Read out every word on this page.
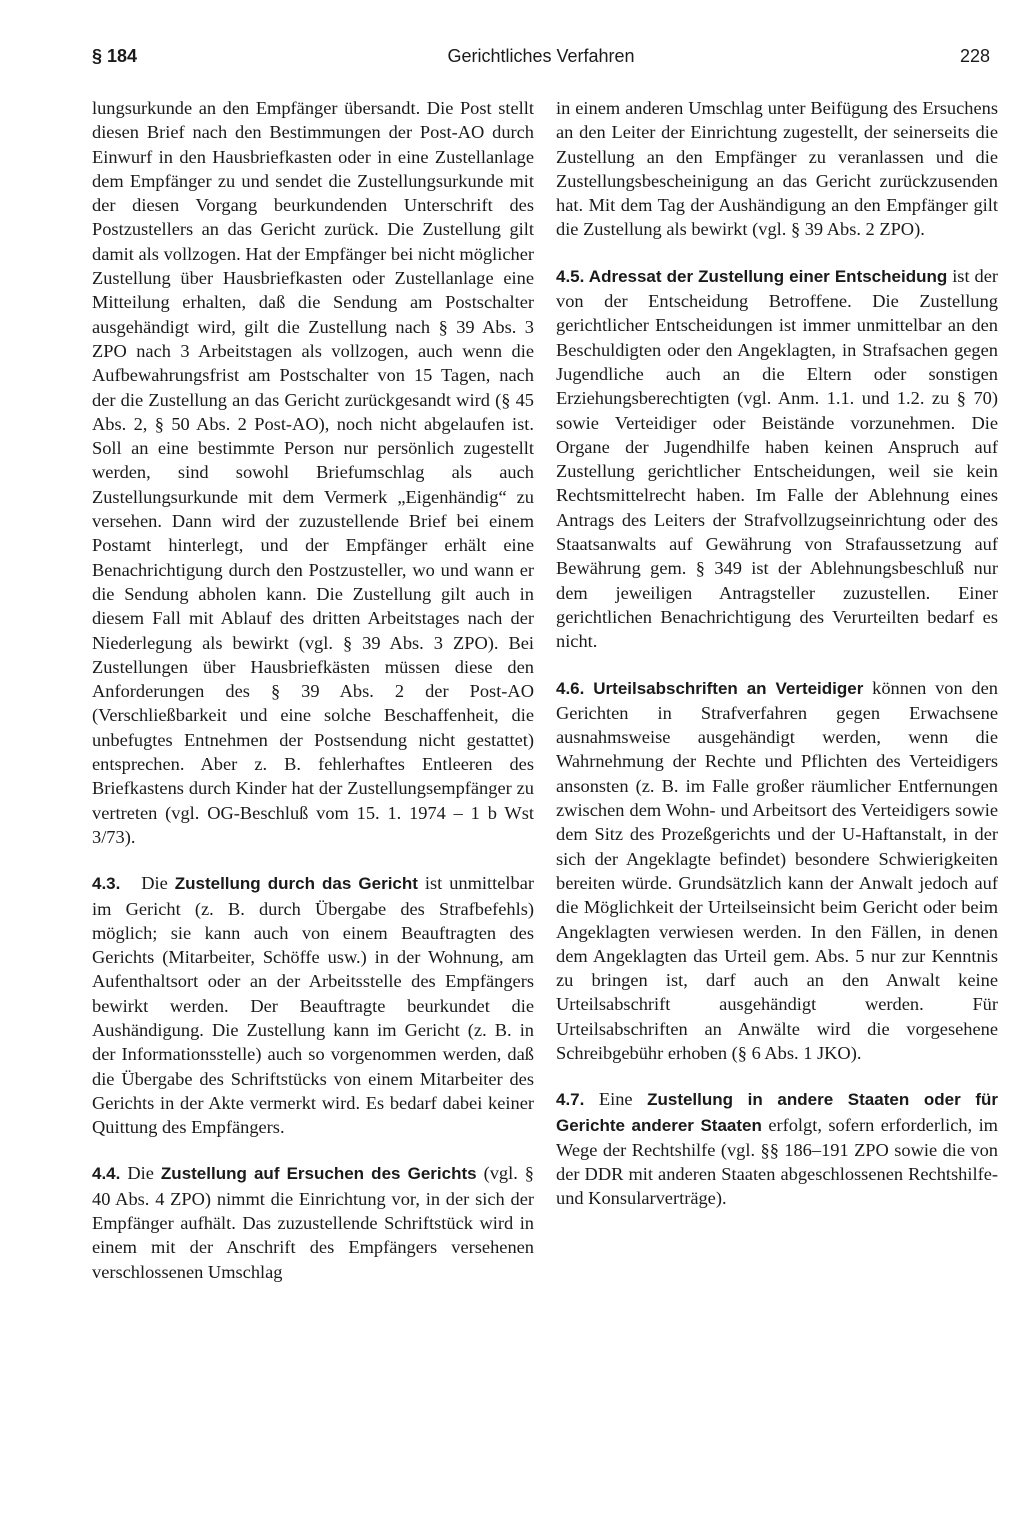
§ 184	Gerichtliches Verfahren	228

lungsurkunde an den Empfänger übersandt. Die Post stellt diesen Brief nach den Bestimmungen der Post-AO durch Einwurf in den Hausbriefkasten oder in eine Zustellanlage dem Empfänger zu und sendet die Zustellungsurkunde mit der diesen Vorgang beurkundenden Unterschrift des Postzustellers an das Gericht zurück. Die Zustellung gilt damit als vollzogen. Hat der Empfänger bei nicht möglicher Zustellung über Hausbriefkasten oder Zustellanlage eine Mitteilung erhalten, daß die Sendung am Postschalter ausgehändigt wird, gilt die Zustellung nach § 39 Abs. 3 ZPO nach 3 Arbeitstagen als vollzogen, auch wenn die Aufbewahrungsfrist am Postschalter von 15 Tagen, nach der die Zustellung an das Gericht zurückgesandt wird (§ 45 Abs. 2, § 50 Abs. 2 Post-AO), noch nicht abgelaufen ist. Soll an eine bestimmte Person nur persönlich zugestellt werden, sind sowohl Briefumschlag als auch Zustellungsurkunde mit dem Vermerk „Eigenhändig“ zu versehen. Dann wird der zuzustellende Brief bei einem Postamt hinterlegt, und der Empfänger erhält eine Benachrichtigung durch den Postzusteller, wo und wann er die Sendung abholen kann. Die Zustellung gilt auch in diesem Fall mit Ablauf des dritten Arbeitstages nach der Niederlegung als bewirkt (vgl. § 39 Abs. 3 ZPO). Bei Zustellungen über Hausbriefkästen müssen diese den Anforderungen des § 39 Abs. 2 der Post-AO (Verschließbarkeit und eine solche Beschaffenheit, die unbefugtes Entnehmen der Postsendung nicht gestattet) entsprechen. Aber z. B. fehlerhaftes Entleeren des Briefkastens durch Kinder hat der Zustellungsempfänger zu vertreten (vgl. OG-Beschluß vom 15. 1. 1974 – 1 b Wst 3/73).

4.3. Die Zustellung durch das Gericht ist unmittelbar im Gericht (z. B. durch Übergabe des Strafbefehls) möglich; sie kann auch von einem Beauftragten des Gerichts (Mitarbeiter, Schöffe usw.) in der Wohnung, am Aufenthaltsort oder an der Arbeitsstelle des Empfängers bewirkt werden. Der Beauftragte beurkundet die Aushändigung. Die Zustellung kann im Gericht (z. B. in der Informationsstelle) auch so vorgenommen werden, daß die Übergabe des Schriftstücks von einem Mitarbeiter des Gerichts in der Akte vermerkt wird. Es bedarf dabei keiner Quittung des Empfängers.

4.4. Die Zustellung auf Ersuchen des Gerichts (vgl. § 40 Abs. 4 ZPO) nimmt die Einrichtung vor, in der sich der Empfänger aufhält. Das zuzustellende Schriftstück wird in einem mit der Anschrift des Empfängers versehenen verschlossenen Umschlag

in einem anderen Umschlag unter Beifügung des Ersuchens an den Leiter der Einrichtung zugestellt, der seinerseits die Zustellung an den Empfänger zu veranlassen und die Zustellungsbescheinigung an das Gericht zurückzusenden hat. Mit dem Tag der Aushändigung an den Empfänger gilt die Zustellung als bewirkt (vgl. § 39 Abs. 2 ZPO).

4.5. Adressat der Zustellung einer Entscheidung ist der von der Entscheidung Betroffene. Die Zustellung gerichtlicher Entscheidungen ist immer unmittelbar an den Beschuldigten oder den Angeklagten, in Strafsachen gegen Jugendliche auch an die Eltern oder sonstigen Erziehungsberechtigten (vgl. Anm. 1.1. und 1.2. zu § 70) sowie Verteidiger oder Beistände vorzunehmen. Die Organe der Jugendhilfe haben keinen Anspruch auf Zustellung gerichtlicher Entscheidungen, weil sie kein Rechtsmittelrecht haben. Im Falle der Ablehnung eines Antrags des Leiters der Strafvollzugseinrichtung oder des Staatsanwalts auf Gewährung von Strafaussetzung auf Bewährung gem. § 349 ist der Ablehnungsbeschluß nur dem jeweiligen Antragsteller zuzustellen. Einer gerichtlichen Benachrichtigung des Verurteilten bedarf es nicht.

4.6. Urteilsabschriften an Verteidiger können von den Gerichten in Strafverfahren gegen Erwachsene ausnahmsweise ausgehändigt werden, wenn die Wahrnehmung der Rechte und Pflichten des Verteidigers ansonsten (z. B. im Falle großer räumlicher Entfernungen zwischen dem Wohn- und Arbeitsort des Verteidigers sowie dem Sitz des Prozeßgerichts und der U-Haftanstalt, in der sich der Angeklagte befindet) besondere Schwierigkeiten bereiten würde. Grundsätzlich kann der Anwalt jedoch auf die Möglichkeit der Urteilseinsicht beim Gericht oder beim Angeklagten verwiesen werden. In den Fällen, in denen dem Angeklagten das Urteil gem. Abs. 5 nur zur Kenntnis zu bringen ist, darf auch an den Anwalt keine Urteilsabschrift ausgehändigt werden. Für Urteilsabschriften an Anwälte wird die vorgesehene Schreibgebühr erhoben (§ 6 Abs. 1 JKO).

4.7. Eine Zustellung in andere Staaten oder für Gerichte anderer Staaten erfolgt, sofern erforderlich, im Wege der Rechtshilfe (vgl. §§ 186–191 ZPO sowie die von der DDR mit anderen Staaten abgeschlossenen Rechtshilfe- und Konsularverträge).
